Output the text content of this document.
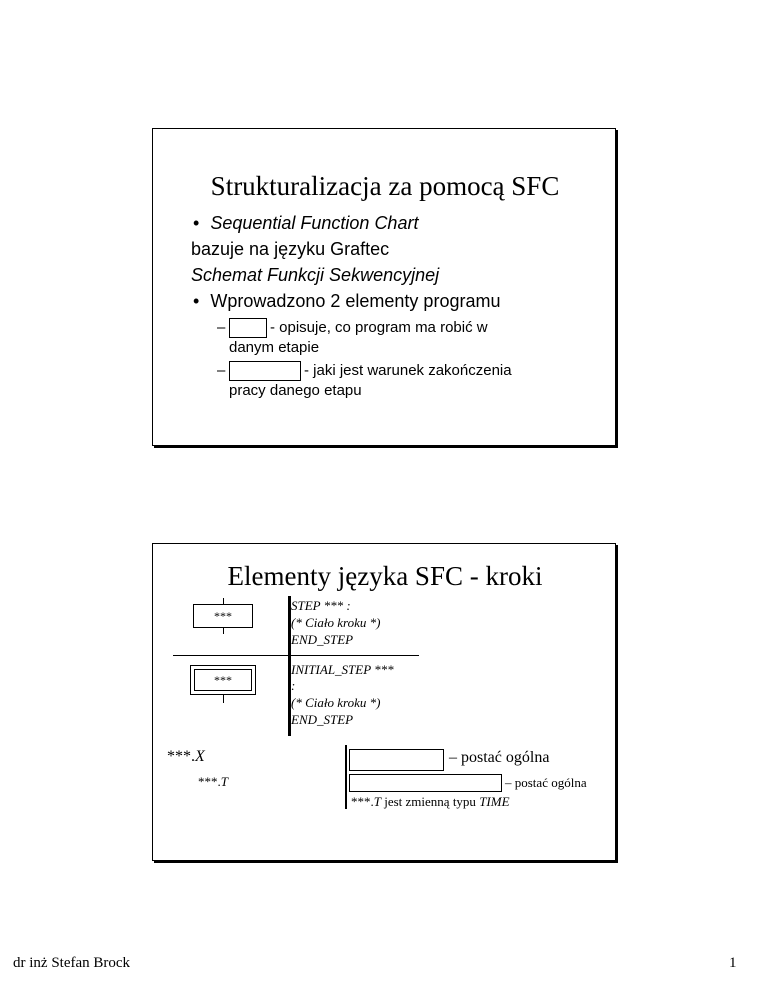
Strukturalizacja za pomocą SFC
• Sequential Function Chart
bazuje na języku Graftec
Schemat Funkcji Sekwencyjnej
• Wprowadzono 2 elementy programu
–	- opisuje, co program ma robić w
danym etapie
–	- jaki jest warunek zakończenia
pracy danego etapu
Elementy języka SFC - kroki
***
***
STEP *** :
(* Ciało kroku *)
END_STEP
INITIAL_STEP ***
:
(* Ciało kroku *)
END_STEP
***.X
***.T
– postać ogólna
– postać ogólna
***.T jest zmienną typu TIME
dr inż Stefan Brock	1
